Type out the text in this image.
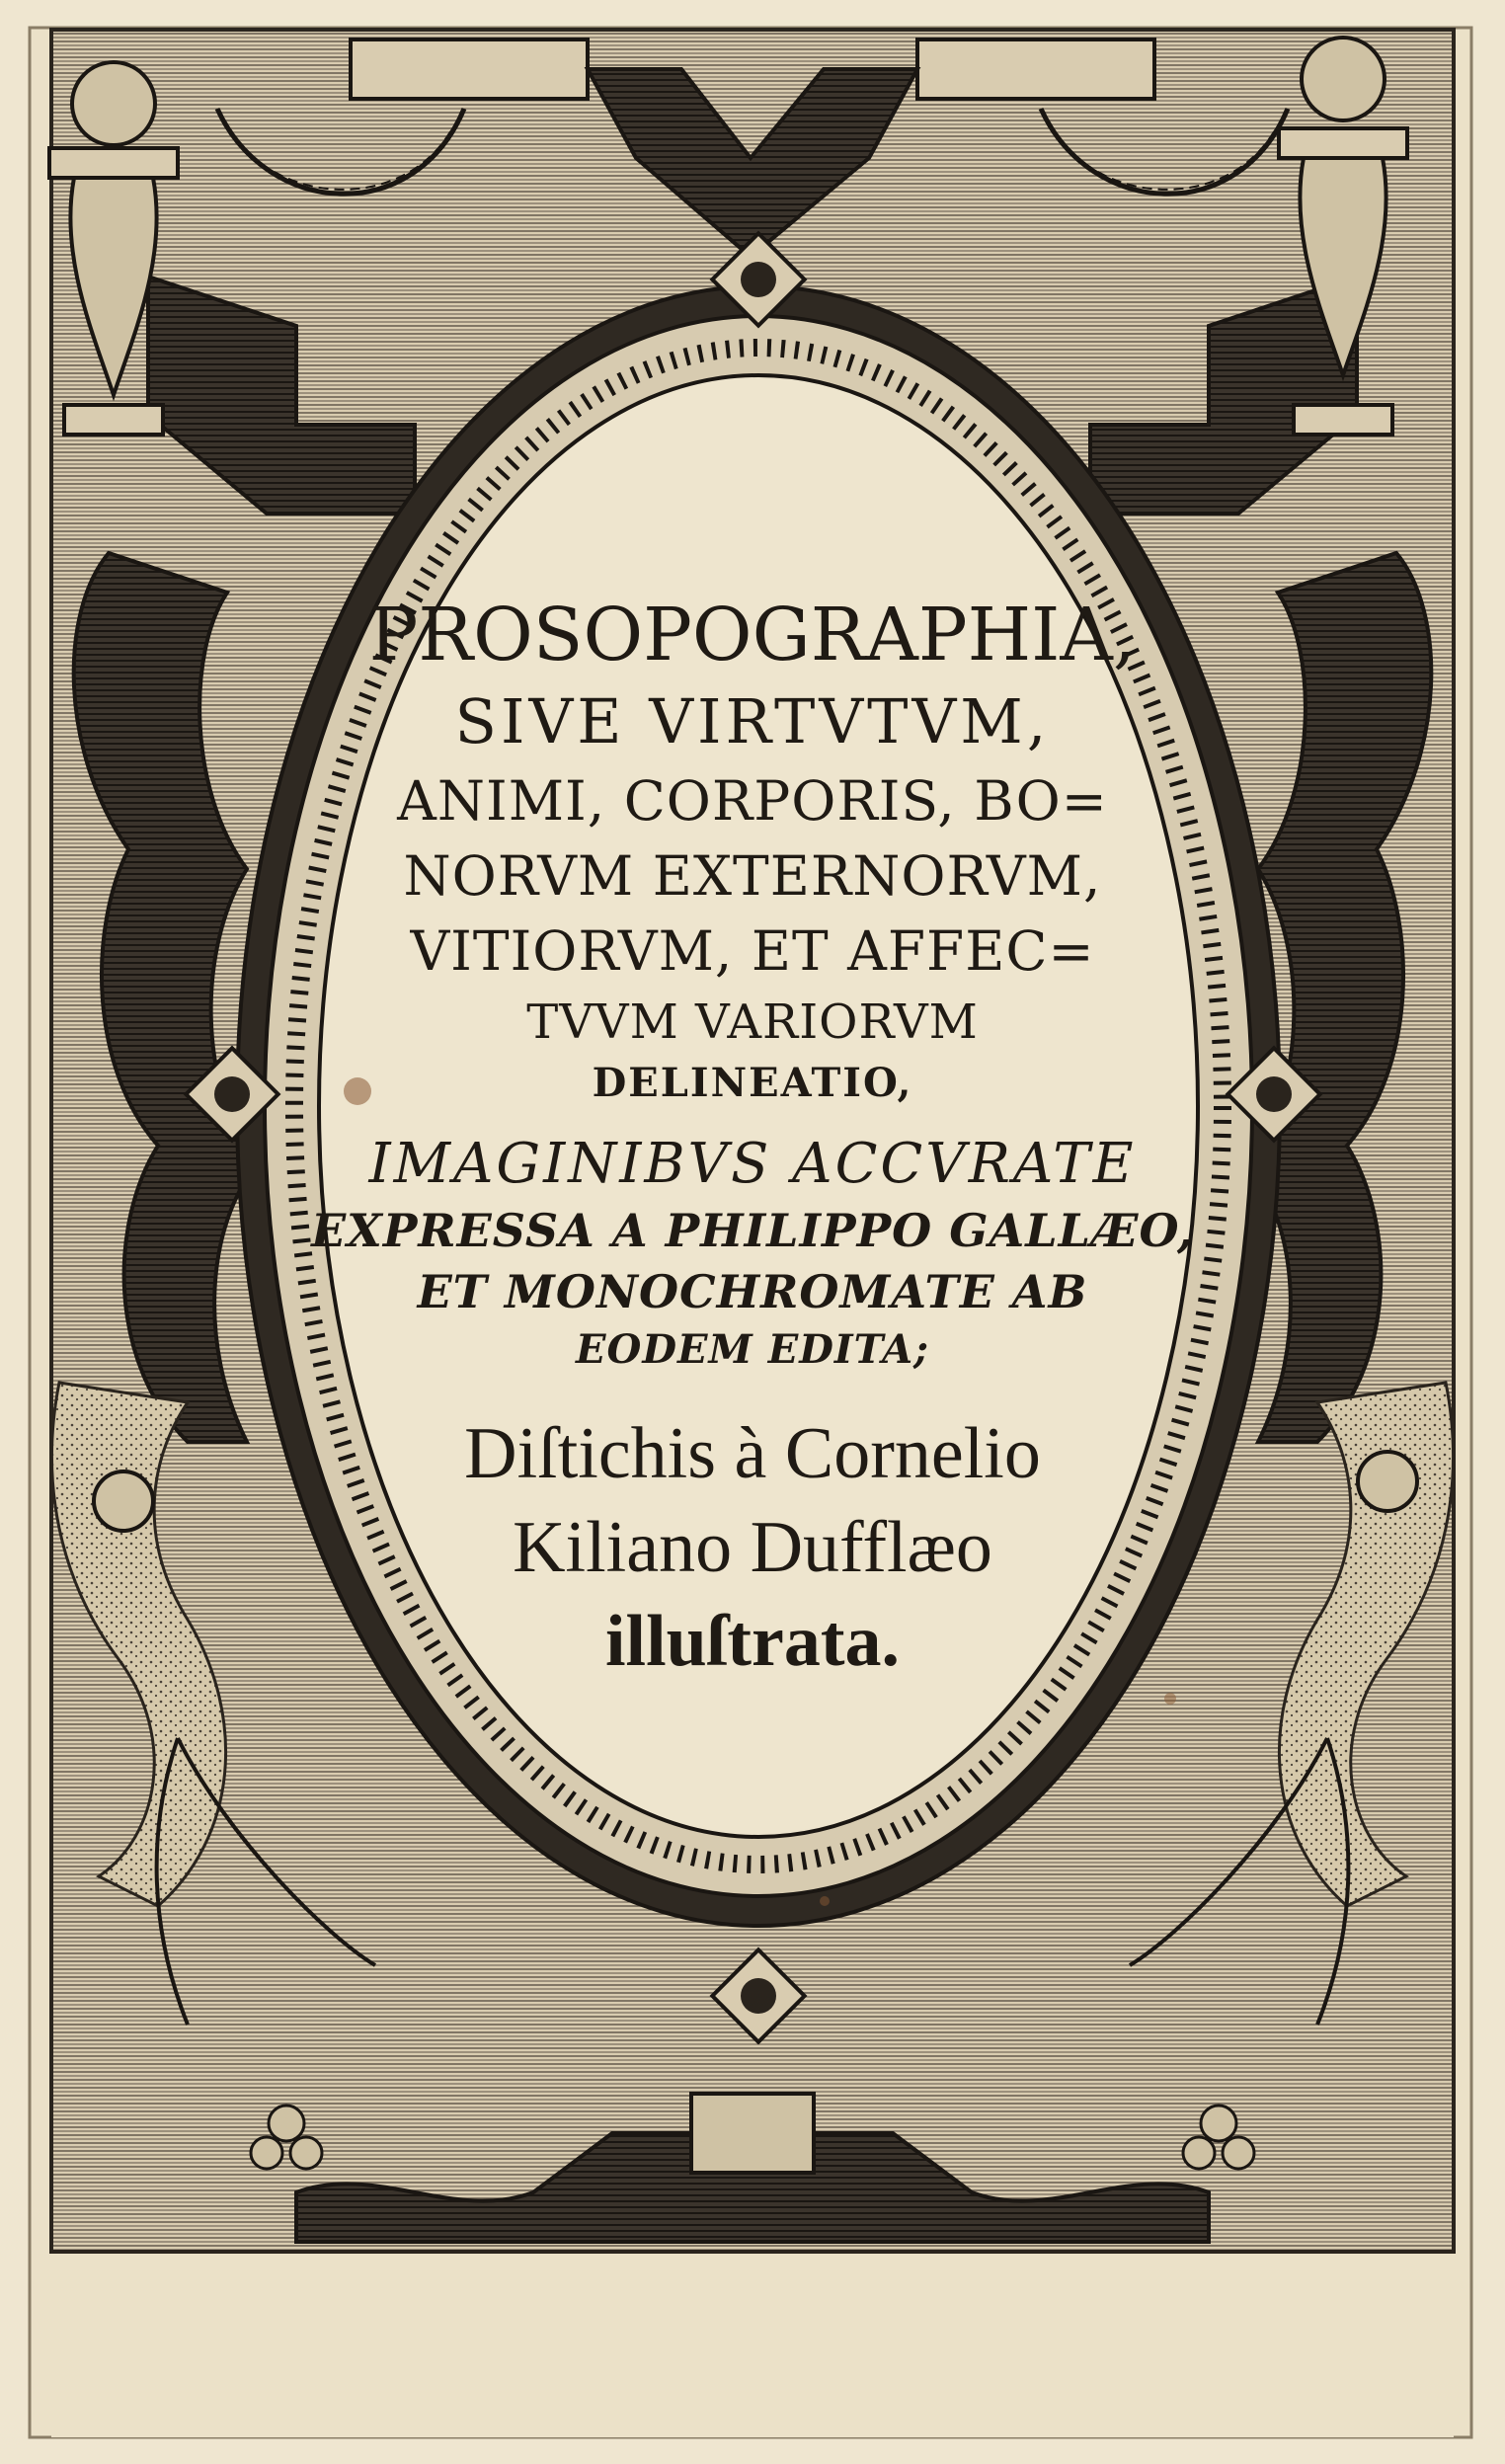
PROSOPOGRAPHIA,
SIVE VIRTVTVM,
ANIMI, CORPORIS, BO=
NORVM EXTERNORVM,
VITIORVM, ET AFFEC=
TVVM VARIORVM
DELINEATIO,
IMAGINIBVS ACCVRATE
EXPRESSA A PHILIPPO GALLÆO,
ET MONOCHROMATE AB
EODEM EDITA;
Diſtichis à Cornelio
Kiliano Dufflæo
illuſtrata.
